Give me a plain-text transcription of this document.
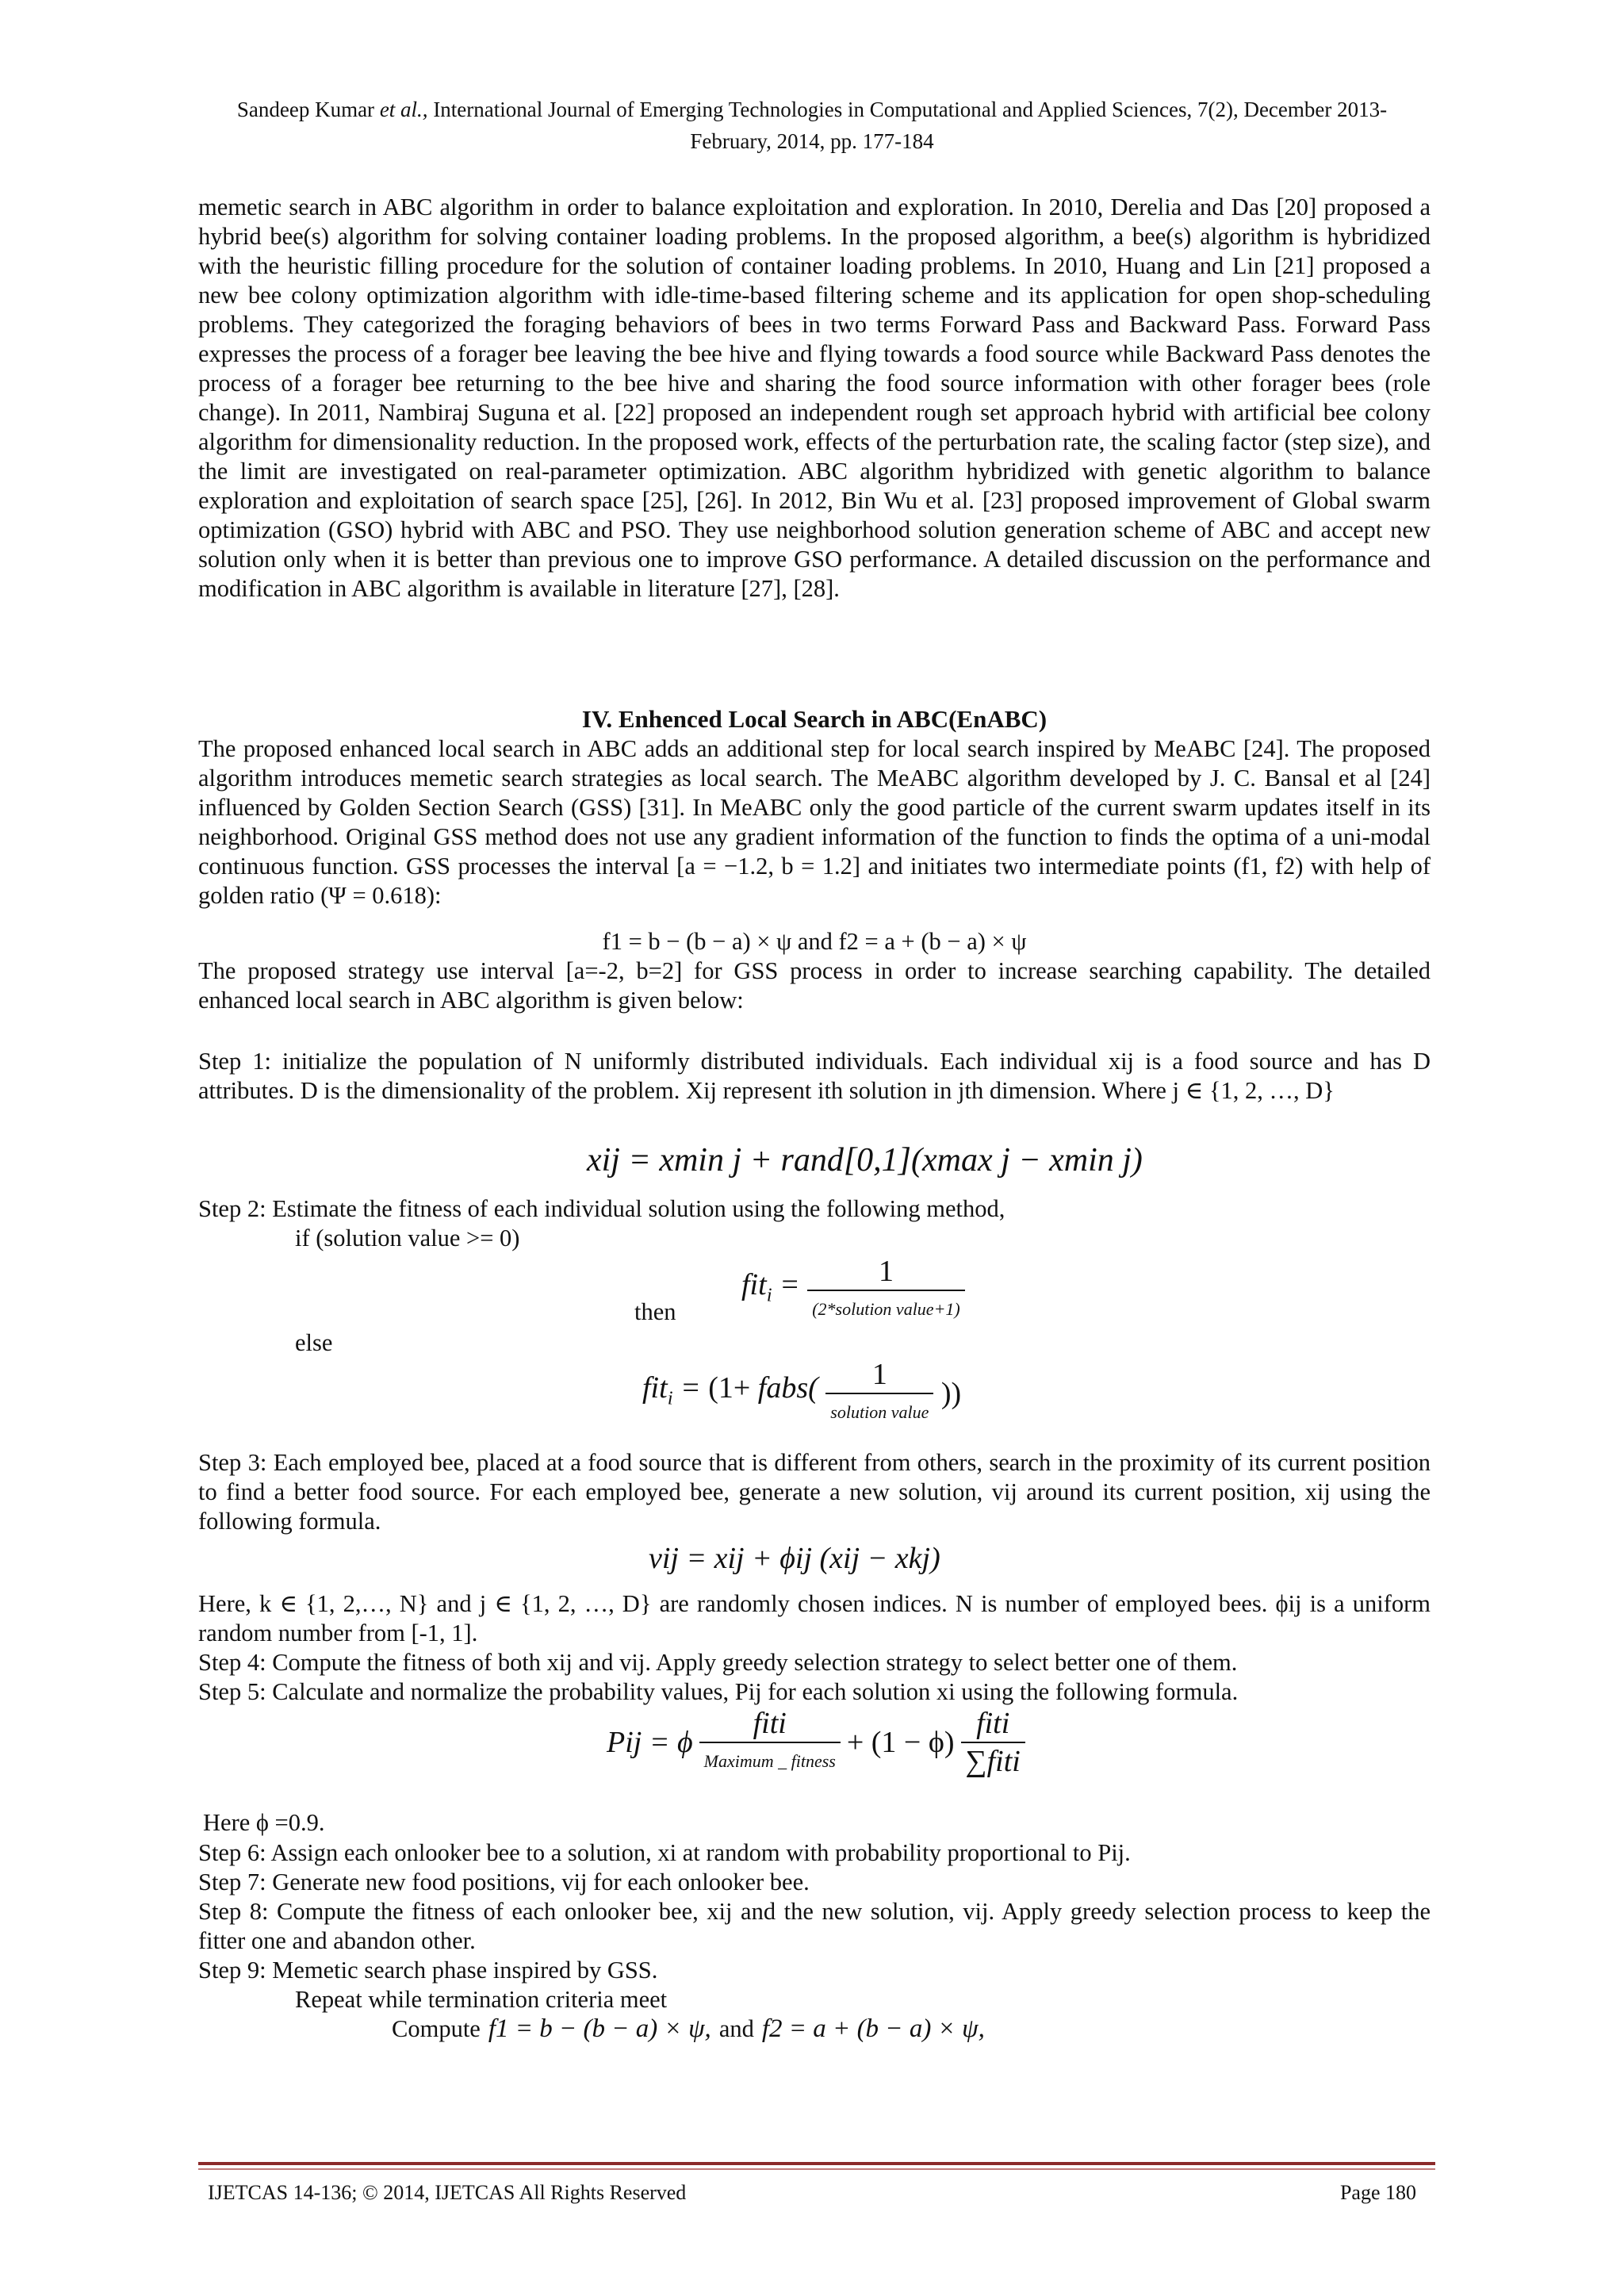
Sandeep Kumar et al., International Journal of Emerging Technologies in Computational and Applied Sciences, 7(2), December 2013-
February, 2014, pp. 177-184
memetic search in ABC algorithm in order to balance exploitation and exploration. In 2010, Derelia and Das [20] proposed a hybrid bee(s) algorithm for solving container loading problems. In the proposed algorithm, a bee(s) algorithm is hybridized with the heuristic filling procedure for the solution of container loading problems. In 2010, Huang and Lin [21] proposed a new bee colony optimization algorithm with idle-time-based filtering scheme and its application for open shop-scheduling problems. They categorized the foraging behaviors of bees in two terms Forward Pass and Backward Pass. Forward Pass expresses the process of a forager bee leaving the bee hive and flying towards a food source while Backward Pass denotes the process of a forager bee returning to the bee hive and sharing the food source information with other forager bees (role change). In 2011, Nambiraj Suguna et al. [22] proposed an independent rough set approach hybrid with artificial bee colony algorithm for dimensionality reduction. In the proposed work, effects of the perturbation rate, the scaling factor (step size), and the limit are investigated on real-parameter optimization. ABC algorithm hybridized with genetic algorithm to balance exploration and exploitation of search space [25], [26]. In 2012, Bin Wu et al. [23] proposed improvement of Global swarm optimization (GSO) hybrid with ABC and PSO. They use neighborhood solution generation scheme of ABC and accept new solution only when it is better than previous one to improve GSO performance. A detailed discussion on the performance and modification in ABC algorithm is available in literature [27], [28].
IV. Enhenced Local Search in ABC(EnABC)
The proposed enhanced local search in ABC adds an additional step for local search inspired by MeABC [24]. The proposed algorithm introduces memetic search strategies as local search. The MeABC algorithm developed by J. C. Bansal et al [24] influenced by Golden Section Search (GSS) [31]. In MeABC only the good particle of the current swarm updates itself in its neighborhood. Original GSS method does not use any gradient information of the function to finds the optima of a uni-modal continuous function. GSS processes the interval [a = −1.2, b = 1.2] and initiates two intermediate points (f1, f2) with help of golden ratio (Ψ = 0.618):
f1 = b − (b − a) × ψ and f2 = a + (b − a) × ψ
The proposed strategy use interval [a=-2, b=2] for GSS process in order to increase searching capability. The detailed enhanced local search in ABC algorithm is given below:
Step 1: initialize the population of N uniformly distributed individuals. Each individual xij is a food source and has D attributes. D is the dimensionality of the problem. Xij represent ith solution in jth dimension. Where j ∈ {1, 2, …, D}
xij = xmin j + rand[0,1](xmax j − xmin j)
Step 2: Estimate the fitness of each individual solution using the following method,
if (solution value >= 0)
then
$fit_i = \frac{1}{\text{(2*solution value+1)}}$
else
fit$_i$ = (1+ fabs( $\frac{1}{\text{solution value}}$ ))
Step 3: Each employed bee, placed at a food source that is different from others, search in the proximity of its current position to find a better food source. For each employed bee, generate a new solution, vij around its current position, xij using the following formula.
vij = xij + ϕij (xij − xkj)
Here, k ∈ {1, 2,…, N} and j ∈ {1, 2, …, D} are randomly chosen indices. N is number of employed bees. ϕij is a uniform random number from [-1, 1].
Step 4: Compute the fitness of both xij and vij. Apply greedy selection strategy to select better one of them.
Step 5: Calculate and normalize the probability values, Pij for each solution xi using the following formula.
Pij = ϕ $\frac{\text{fiti}}{\text{Maximum \_ fitness}} + (1 - \phi) \frac{\text{fiti}}{\text{∑fiti}}$
Here ϕ =0.9.
Step 6: Assign each onlooker bee to a solution, xi at random with probability proportional to Pij.
Step 7: Generate new food positions, vij for each onlooker bee.
Step 8: Compute the fitness of each onlooker bee, xij and the new solution, vij. Apply greedy selection process to keep the fitter one and abandon other.
Step 9: Memetic search phase inspired by GSS.
Repeat while termination criteria meet
Compute f1 = b − (b − a) × ψ, and f2 = a + (b − a) × ψ,
IJETCAS 14-136; © 2014, IJETCAS All Rights Reserved	Page 180
